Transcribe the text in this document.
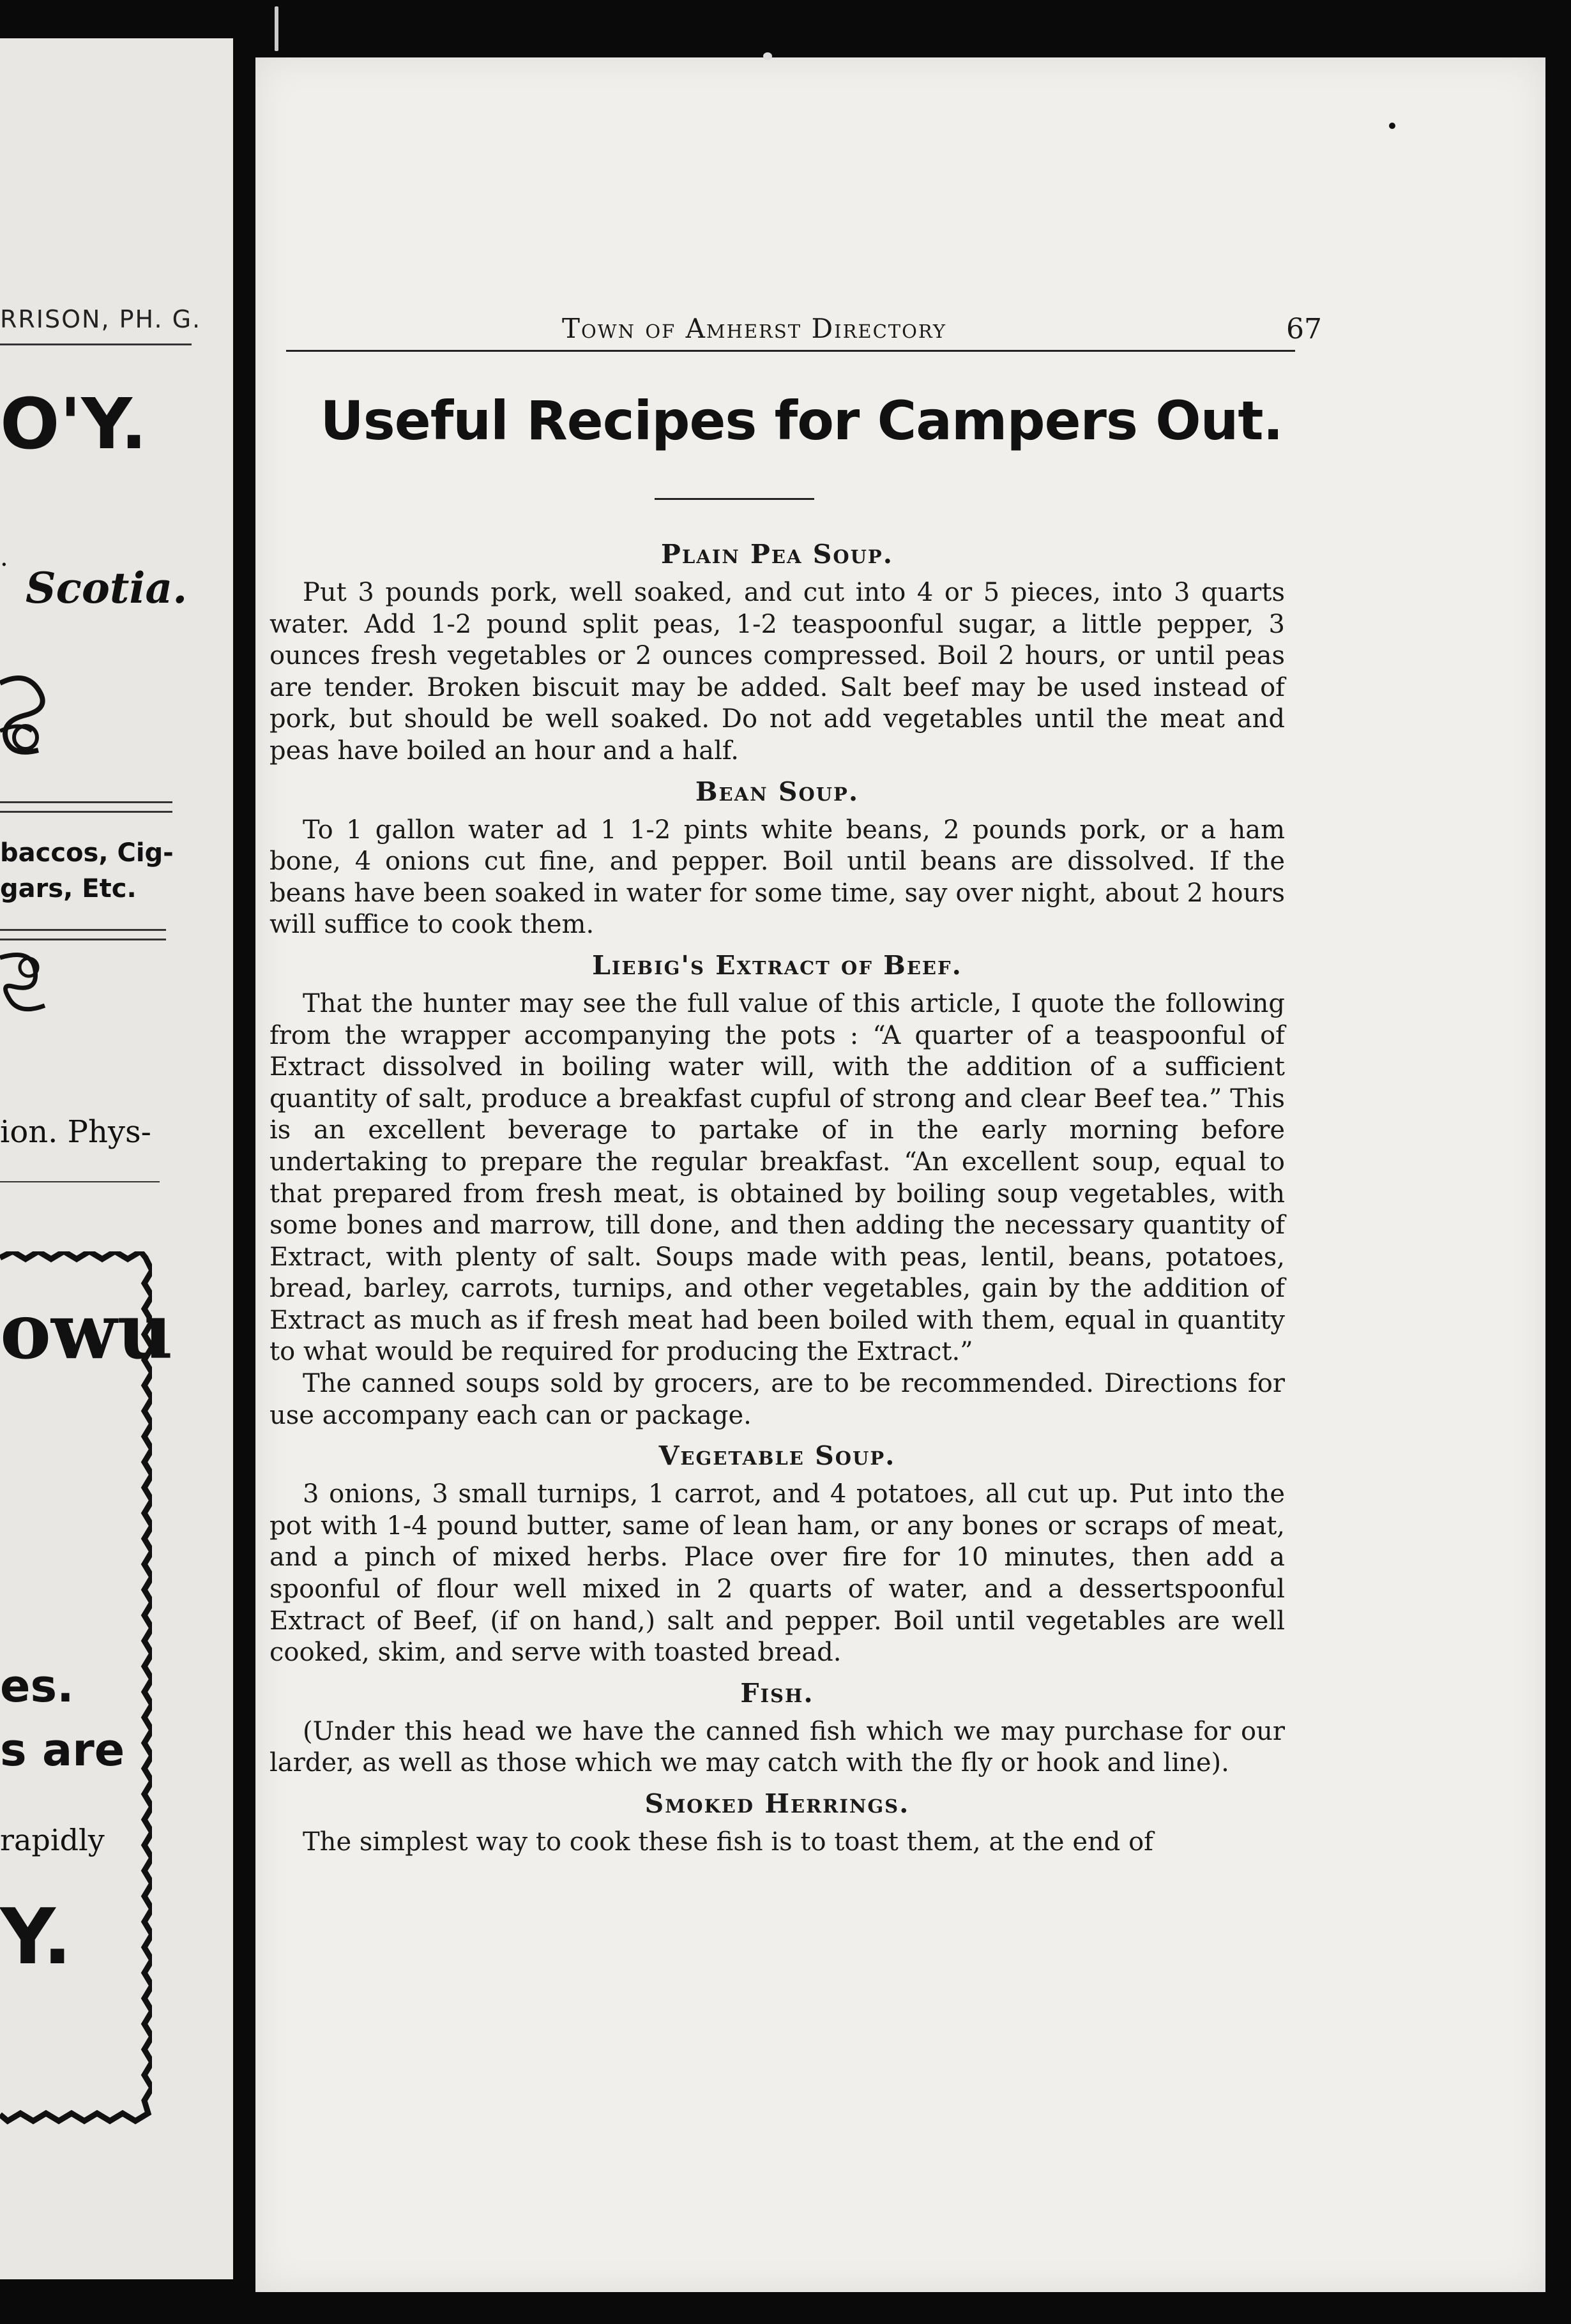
RRISON, PH. G.
O'Y.
.
Scotia.
baccos, Cig-
gars, Etc.
ion. Phys-
owu
es.
s are
rapidly
Y.
Town of Amherst Directory	67
Useful Recipes for Campers Out.
Plain Pea Soup.

Put 3 pounds pork, well soaked, and cut into 4 or 5 pieces, into 3 quarts water. Add 1-2 pound split peas, 1-2 teaspoonful sugar, a little pepper, 3 ounces fresh vegetables or 2 ounces compressed. Boil 2 hours, or until peas are tender. Broken biscuit may be added. Salt beef may be used instead of pork, but should be well soaked. Do not add vegetables until the meat and peas have boiled an hour and a half.

Bean Soup.

To 1 gallon water ad 1 1-2 pints white beans, 2 pounds pork, or a ham bone, 4 onions cut fine, and pepper. Boil until beans are dissolved. If the beans have been soaked in water for some time, say over night, about 2 hours will suffice to cook them.

Liebig's Extract of Beef.

That the hunter may see the full value of this article, I quote the following from the wrapper accompanying the pots : “A quarter of a teaspoonful of Extract dissolved in boiling water will, with the addition of a sufficient quantity of salt, produce a breakfast cupful of strong and clear Beef tea.” This is an excellent beverage to partake of in the early morning before undertaking to prepare the regular breakfast. “An excellent soup, equal to that prepared from fresh meat, is obtained by boiling soup vegetables, with some bones and marrow, till done, and then adding the necessary quantity of Extract, with plenty of salt. Soups made with peas, lentil, beans, potatoes, bread, barley, carrots, turnips, and other vegetables, gain by the addition of Extract as much as if fresh meat had been boiled with them, equal in quantity to what would be required for producing the Extract.”

The canned soups sold by grocers, are to be recommended. Directions for use accompany each can or package.

Vegetable Soup.

3 onions, 3 small turnips, 1 carrot, and 4 potatoes, all cut up. Put into the pot with 1-4 pound butter, same of lean ham, or any bones or scraps of meat, and a pinch of mixed herbs. Place over fire for 10 minutes, then add a spoonful of flour well mixed in 2 quarts of water, and a dessertspoonful Extract of Beef, (if on hand,) salt and pepper. Boil until vegetables are well cooked, skim, and serve with toasted bread.

Fish.

(Under this head we have the canned fish which we may purchase for our larder, as well as those which we may catch with the fly or hook and line).

Smoked Herrings.

The simplest way to cook these fish is to toast them, at the end of
